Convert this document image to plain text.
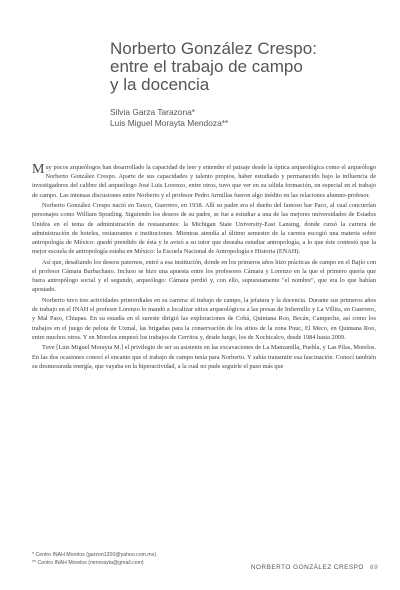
Norberto González Crespo:
entre el trabajo de campo
y la docencia
Silvia Garza Tarazona*
Luis Miguel Morayta Mendoza**

Muy pocos arqueólogos han desarrollado la capacidad de leer y entender el paisaje desde la óptica arqueológica como el arqueólogo Norberto González Crespo. Aparte de sus capacidades y talento propios, haber estudiado y permanecido bajo la influencia de investigadores del calibre del arqueólogo José Luis Lorenzo, entre otros, tuvo que ver en su sólida formación, en especial en el trabajo de campo. Las intensas discusiones entre Norberto y el profesor Pedro Armillas fueron algo inédito en las relaciones alumno-profesor.

Norberto González Crespo nació en Taxco, Guerrero, en 1938. Allí su padre era el dueño del famoso bar Paco, al cual concurrían personajes como William Spratling. Siguiendo los deseos de su padre, se fue a estudiar a una de las mejores universidades de Estados Unidos en el tema de administración de restaurantes: la Michigan State University-East Lansing, donde cursó la carrera de administración de hoteles, restaurantes e instituciones. Mientras atendía al último semestre de la carrera escogió una materia sobre antropología de México: quedó prendido de ésta y le avisó a su tutor que deseaba estudiar antropología, a lo que éste contestó que la mejor escuela de antropología estaba en México: la Escuela Nacional de Antropología e Historia (ENAH).

Así que, desafiando los deseos paternos, entró a esa institución, donde en los primeros años hizo prácticas de campo en el Bajío con el profesor Cámara Barbachano. Incluso se hizo una apuesta entre los profesores Cámara y Lorenzo en la que el primero quería que fuera antropólogo social y el segundo, arqueólogo: Cámara perdió y, con ello, supuestamente "el nombre", que era lo que habían apostado.

Norberto tuvo tres actividades primordiales en su carrera: el trabajo de campo, la jefatura y la docencia. Durante sus primeros años de trabajo en el INAH el profesor Lorenzo lo mandó a localizar sitios arqueológicos a las presas de Infiernillo y La Villita, en Guerrero, y Mal Paso, Chiapas. En su estadía en el sureste dirigió las exploraciones de Cobá, Quintana Roo, Becán, Campeche, así como los trabajos en el juego de pelota de Uxmal, las brigadas para la conservación de los sitios de la zona Puuc, El Meco, en Quintana Roo, entre muchos otros. Y en Morelos empezó los trabajos de Cerritos y, desde luego, los de Xochicalco, desde 1984 hasta 2009.

Tuve [Luis Miguel Morayta M.] el privilegio de ser su asistente en las excavaciones de La Manzanilla, Puebla, y Las Pilas, Morelos. En las dos ocasiones conocí el encanto que el trabajo de campo tenía para Norberto. Y sabía transmitir esa fascinación. Conocí también su desmesurada energía, que vayaba en la hiperactividad, a la cual no pude seguirle el paso más que

* Centro INAH Morelos (garzon1200@yahoo.com.mx)
** Centro INAH Morelos (mmorayta@gmail.com)
NORBERTO GONZÁLEZ CRESPO 69
